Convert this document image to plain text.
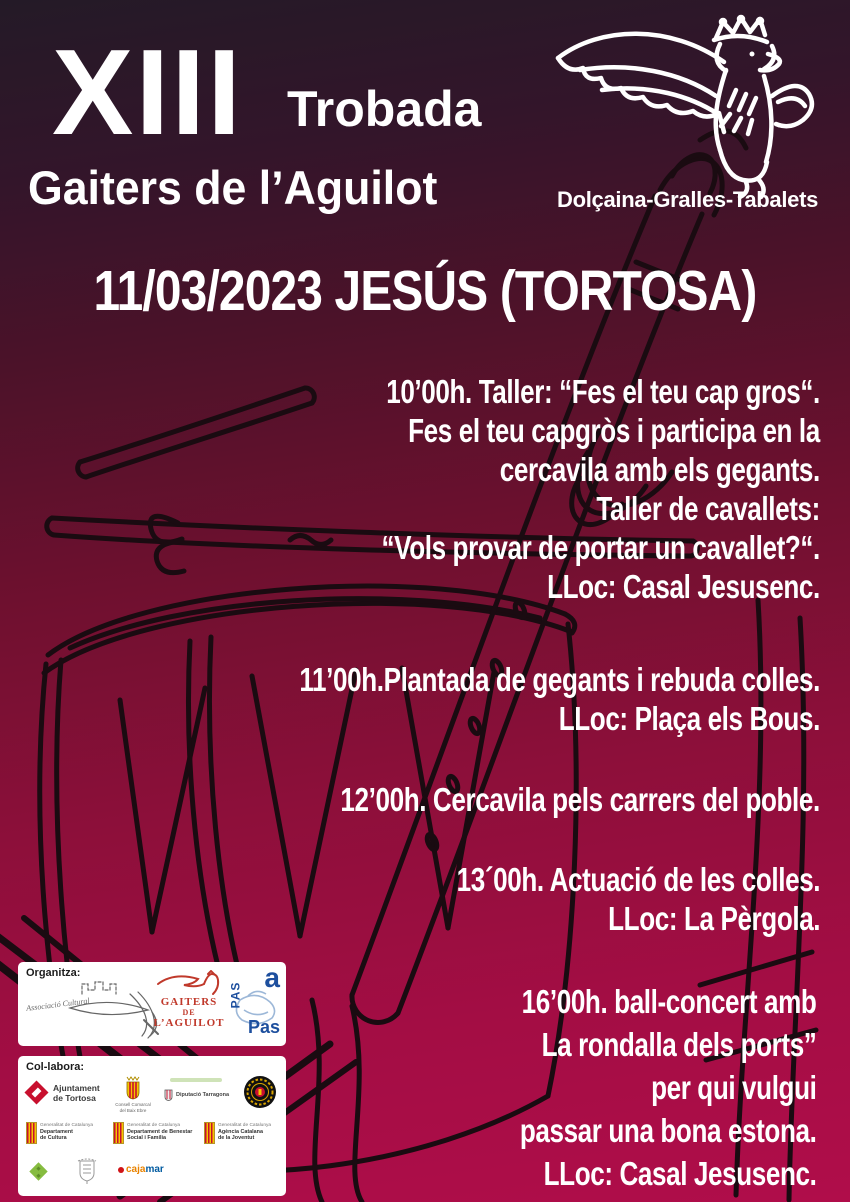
XIII Trobada
Gaiters de l’Aguilot	Dolçaina-Gralles-Tabalets
11/03/2023 JESÚS (TORTOSA)
10’00h. Taller: “Fes el teu cap gros“.
Fes el teu capgròs i participa en la
cercavila amb els gegants.
Taller de cavallets:
“Vols provar de portar un cavallet?“.
LLoc: Casal Jesusenc.
11’00h.Plantada de gegants i rebuda colles.
LLoc: Plaça els Bous.
12’00h. Cercavila pels carrers del poble.
13´00h. Actuació de les colles.
LLoc: La Pèrgola.
16’00h. ball-concert amb
La rondalla dels ports”
per qui vulgui
passar una bona estona.
LLoc: Casal Jesusenc.
Organitza:
Associació Cultural	GAITERS
DE
L’AGUILOT
PAS
a
Pas
Col-labora:
Ajuntament
de Tortosa
Consell Comarcal
del Baix Ebre
Diputació Tarragona
Generalitat de Catalunya
Departament
de Cultura
Generalitat de Catalunya
Departament de Benestar
Social i Família
Generalitat de Catalunya
Agència Catalana
de la Joventut
caja mar
